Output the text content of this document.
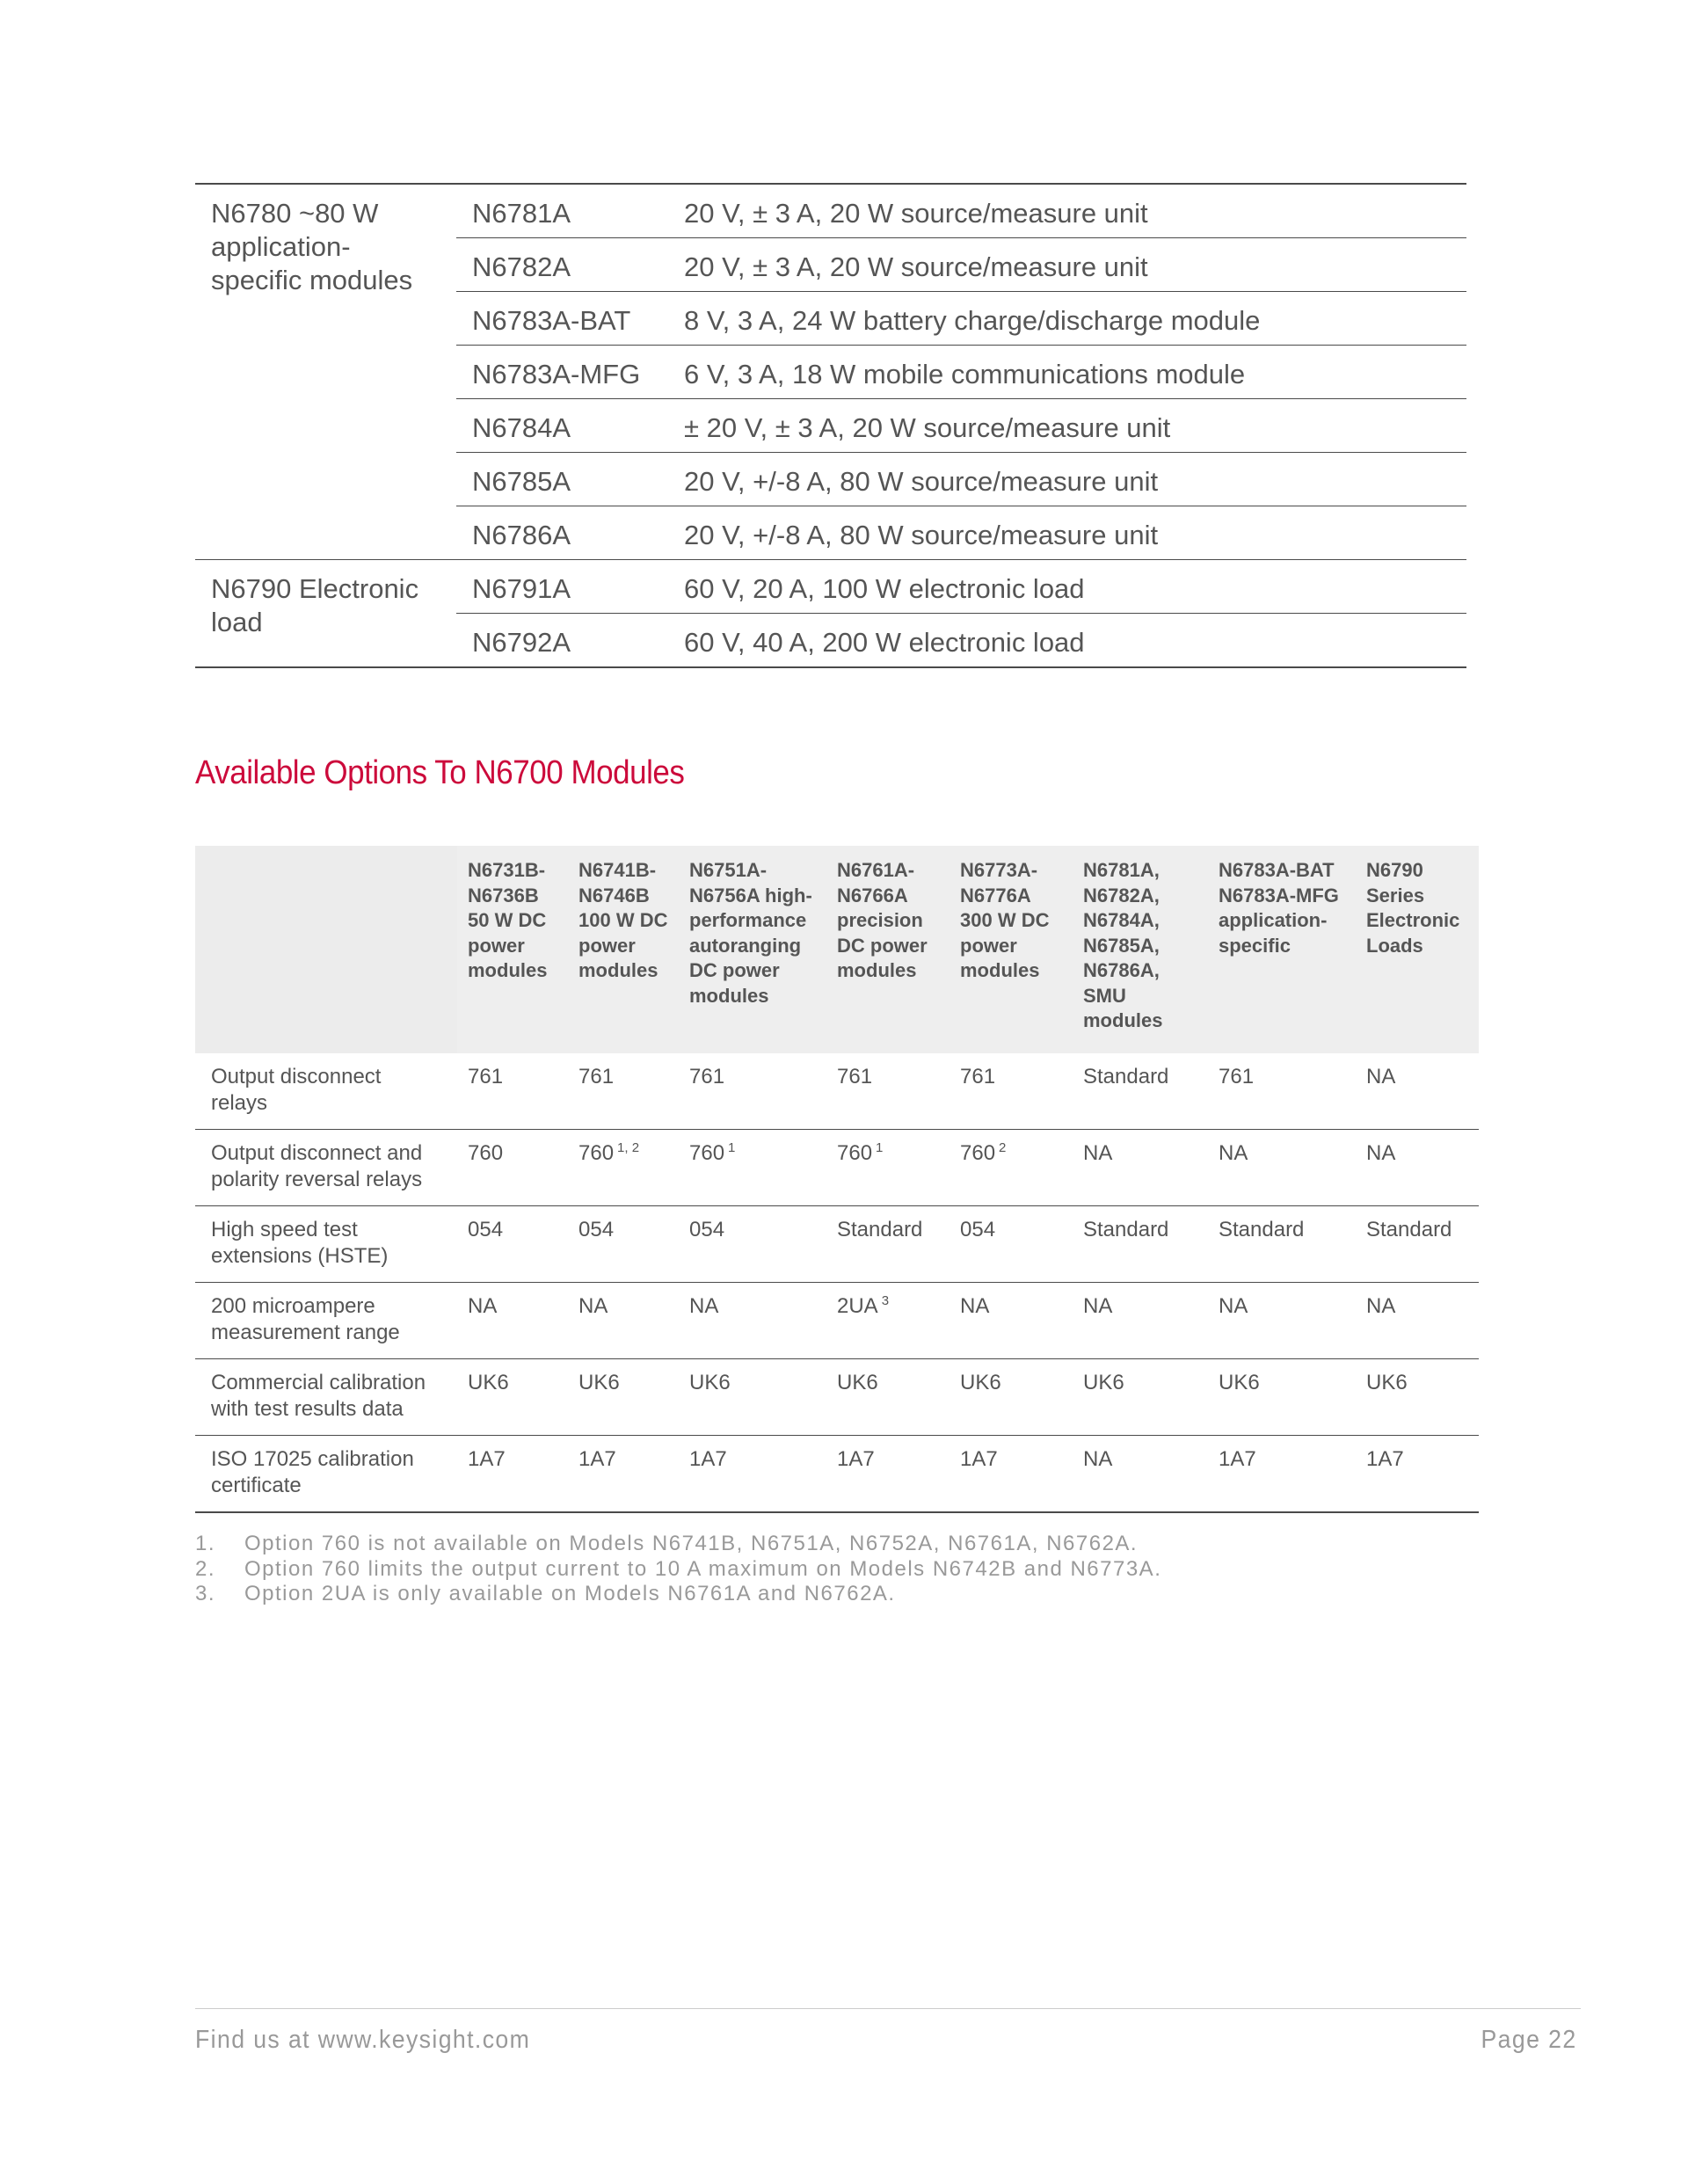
N6780 ~80 W application-specific modules	N6781A	20 V, ± 3 A, 20 W source/measure unit
	N6782A	20 V, ± 3 A, 20 W source/measure unit
	N6783A-BAT	8 V, 3 A, 24 W battery charge/discharge module
	N6783A-MFG	6 V, 3 A, 18 W mobile communications module
	N6784A	± 20 V, ± 3 A, 20 W source/measure unit
	N6785A	20 V, +/-8 A, 80 W source/measure unit
	N6786A	20 V, +/-8 A, 80 W source/measure unit
N6790 Electronic load	N6791A	60 V, 20 A, 100 W electronic load
	N6792A	60 V, 40 A, 200 W electronic load
Available Options To N6700 Modules
	N6731B-N6736B 50 W DC power modules	N6741B-N6746B 100 W DC power modules	N6751A-N6756A high-performance autoranging DC power modules	N6761A-N6766A precision DC power modules	N6773A-N6776A 300 W DC power modules	N6781A, N6782A, N6784A, N6785A, N6786A, SMU modules	N6783A-BAT N6783A-MFG application-specific	N6790 Series Electronic Loads
Output disconnect relays	761	761	761	761	761	Standard	761	NA
Output disconnect and polarity reversal relays	760	760 $^{1, 2}$	760 $^1$	760 $^1$	760 $^2$	NA	NA	NA
High speed test extensions (HSTE)	054	054	054	Standard	054	Standard	Standard	Standard
200 microampere measurement range	NA	NA	NA	2UA $^3$	NA	NA	NA	NA
Commercial calibration with test results data	UK6	UK6	UK6	UK6	UK6	UK6	UK6	UK6
ISO 17025 calibration certificate	1A7	1A7	1A7	1A7	1A7	NA	1A7	1A7
1.	Option 760 is not available on Models N6741B, N6751A, N6752A, N6761A, N6762A.
2.	Option 760 limits the output current to 10 A maximum on Models N6742B and N6773A.
3.	Option 2UA is only available on Models N6761A and N6762A.
Find us at www.keysight.com	Page 22
